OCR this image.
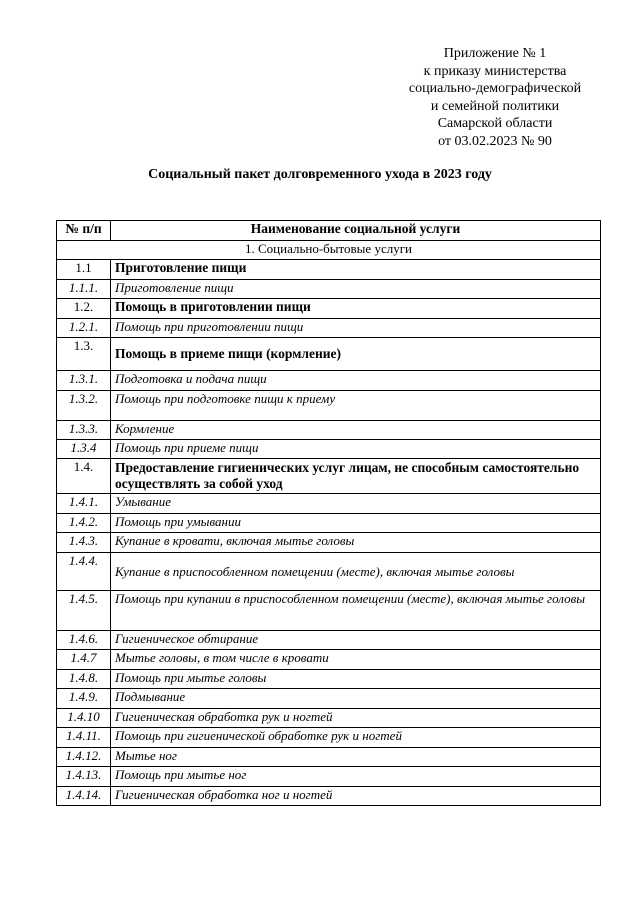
Приложение № 1
к приказу министерства
социально-демографической
и семейной политики
Самарской области
от 03.02.2023 № 90
Социальный пакет долговременного ухода в 2023 году
№ п/п	Наименование социальной услуги
1. Социально-бытовые услуги	
1.1	Приготовление пищи
1.1.1.	Приготовление пищи
1.2.	Помощь в приготовлении пищи
1.2.1.	Помощь при приготовлении пищи
1.3.	Помощь в приеме пищи (кормление)
1.3.1.	Подготовка и подача пищи
1.3.2.	Помощь при подготовке пищи к приему
1.3.3.	Кормление
1.3.4	Помощь при приеме пищи
1.4.	Предоставление гигиенических услуг лицам, не способным самостоятельно осуществлять за собой уход
1.4.1.	Умывание
1.4.2.	Помощь при умывании
1.4.3.	Купание в кровати, включая мытье головы
1.4.4.	Купание в приспособленном помещении (месте), включая мытье головы
1.4.5.	Помощь при купании в приспособленном помещении (месте), включая мытье головы
1.4.6.	Гигиеническое обтирание
1.4.7	Мытье головы, в том числе в кровати
1.4.8.	Помощь при мытье головы
1.4.9.	Подмывание
1.4.10	Гигиеническая обработка рук и ногтей
1.4.11.	Помощь при гигиенической обработке рук и ногтей
1.4.12.	Мытье ног
1.4.13.	Помощь при мытье ног
1.4.14.	Гигиеническая обработка ног и ногтей
